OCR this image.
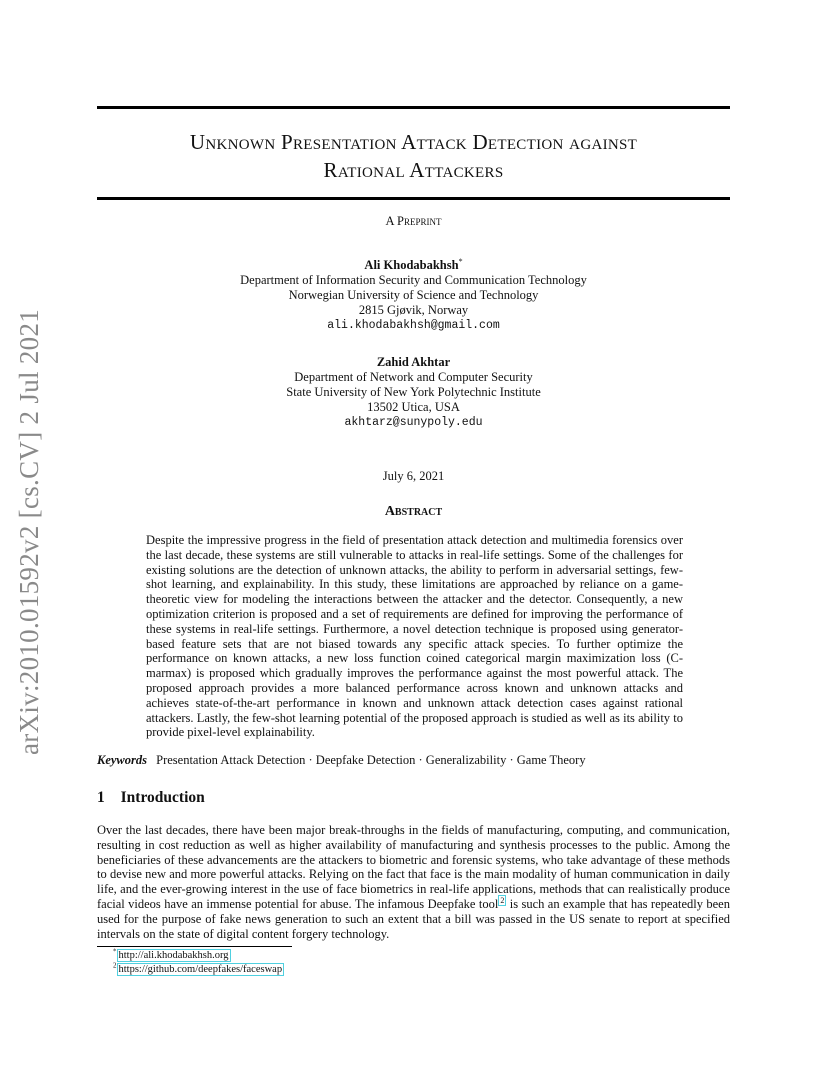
arXiv:2010.01592v2 [cs.CV] 2 Jul 2021
Unknown Presentation Attack Detection against
Rational Attackers
A Preprint
Ali Khodabakhsh*
Department of Information Security and Communication Technology
Norwegian University of Science and Technology
2815 Gjøvik, Norway
ali.khodabakhsh@gmail.com
Zahid Akhtar
Department of Network and Computer Security
State University of New York Polytechnic Institute
13502 Utica, USA
akhtarz@sunypoly.edu
July 6, 2021
Abstract
Despite the impressive progress in the field of presentation attack detection and multimedia forensics over the last decade, these systems are still vulnerable to attacks in real-life settings. Some of the challenges for existing solutions are the detection of unknown attacks, the ability to perform in adversarial settings, few-shot learning, and explainability. In this study, these limitations are approached by reliance on a game-theoretic view for modeling the interactions between the attacker and the detector. Consequently, a new optimization criterion is proposed and a set of requirements are defined for improving the performance of these systems in real-life settings. Furthermore, a novel detection technique is proposed using generator-based feature sets that are not biased towards any specific attack species. To further optimize the performance on known attacks, a new loss function coined categorical margin maximization loss (C-marmax) is proposed which gradually improves the performance against the most powerful attack. The proposed approach provides a more balanced performance across known and unknown attacks and achieves state-of-the-art performance in known and unknown attack detection cases against rational attackers. Lastly, the few-shot learning potential of the proposed approach is studied as well as its ability to provide pixel-level explainability.
Keywords Presentation Attack Detection · Deepfake Detection · Generalizability · Game Theory
1 Introduction
Over the last decades, there have been major break-throughs in the fields of manufacturing, computing, and communication, resulting in cost reduction as well as higher availability of manufacturing and synthesis processes to the public. Among the beneficiaries of these advancements are the attackers to biometric and forensic systems, who take advantage of these methods to devise new and more powerful attacks. Relying on the fact that face is the main modality of human communication in daily life, and the ever-growing interest in the use of face biometrics in real-life applications, methods that can realistically produce facial videos have an immense potential for abuse. The infamous Deepfake tool $^2$ is such an example that has repeatedly been used for the purpose of fake news generation to such an extent that a bill was passed in the US senate to report at specified intervals on the state of digital content forgery technology.
* http://ali.khodabakhsh.org
$^2$ https://github.com/deepfakes/faceswap
